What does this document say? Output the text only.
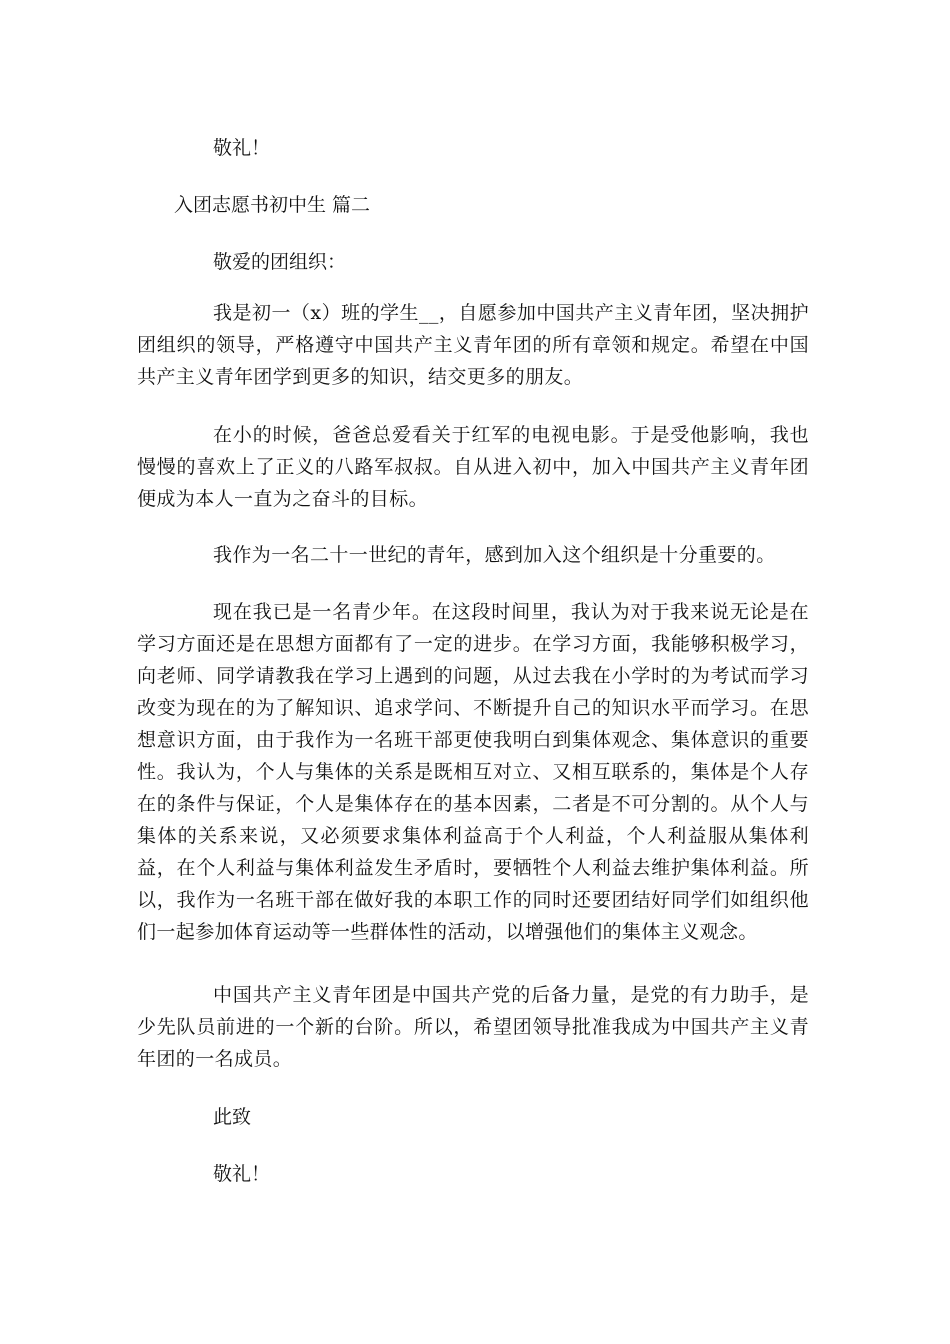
敬礼！

入团志愿书初中生 篇二

敬爱的团组织：

我是初一（x）班的学生__，自愿参加中国共产主义青年团，坚决拥护团组织的领导，严格遵守中国共产主义青年团的所有章领和规定。希望在中国共产主义青年团学到更多的知识，结交更多的朋友。

在小的时候，爸爸总爱看关于红军的电视电影。于是受他影响，我也慢慢的喜欢上了正义的八路军叔叔。自从进入初中，加入中国共产主义青年团便成为本人一直为之奋斗的目标。

我作为一名二十一世纪的青年，感到加入这个组织是十分重要的。

现在我已是一名青少年。在这段时间里，我认为对于我来说无论是在学习方面还是在思想方面都有了一定的进步。在学习方面，我能够积极学习，向老师、同学请教我在学习上遇到的问题，从过去我在小学时的为考试而学习改变为现在的为了解知识、追求学问、不断提升自己的知识水平而学习。在思想意识方面，由于我作为一名班干部更使我明白到集体观念、集体意识的重要性。我认为，个人与集体的关系是既相互对立、又相互联系的，集体是个人存在的条件与保证，个人是集体存在的基本因素，二者是不可分割的。从个人与集体的关系来说，又必须要求集体利益高于个人利益，个人利益服从集体利益，在个人利益与集体利益发生矛盾时，要牺牲个人利益去维护集体利益。所以，我作为一名班干部在做好我的本职工作的同时还要团结好同学们如组织他们一起参加体育运动等一些群体性的活动，以增强他们的集体主义观念。

中国共产主义青年团是中国共产党的后备力量，是党的有力助手，是少先队员前进的一个新的台阶。所以，希望团领导批准我成为中国共产主义青年团的一名成员。

此致

敬礼！
